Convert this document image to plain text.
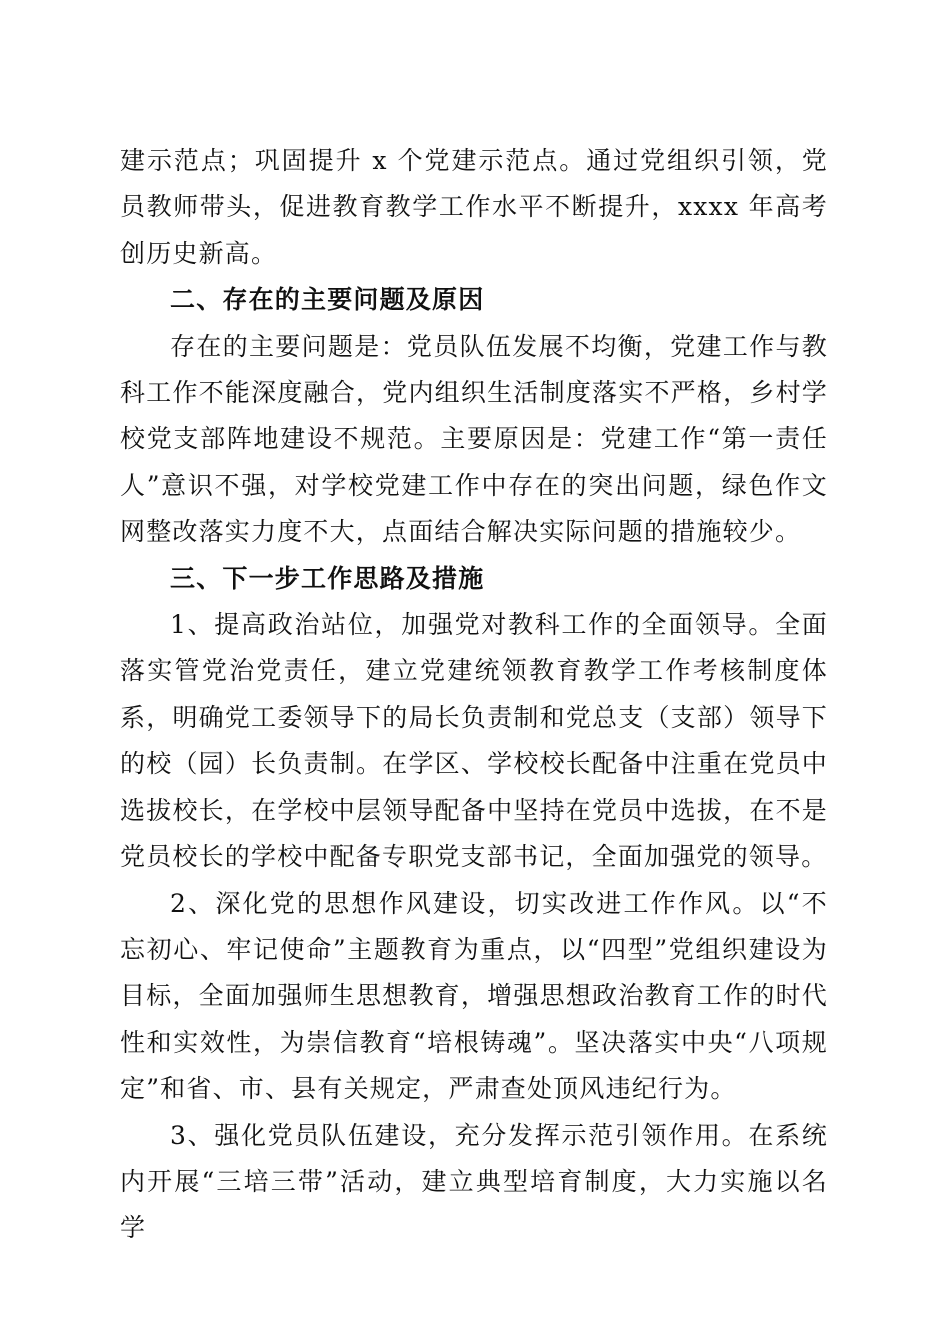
建示范点；巩固提升 x 个党建示范点。通过党组织引领，党员教师带头，促进教育教学工作水平不断提升，xxxx 年高考创历史新高。

二、存在的主要问题及原因

存在的主要问题是：党员队伍发展不均衡，党建工作与教科工作不能深度融合，党内组织生活制度落实不严格，乡村学校党支部阵地建设不规范。主要原因是：党建工作“第一责任人”意识不强，对学校党建工作中存在的突出问题，绿色作文网整改落实力度不大，点面结合解决实际问题的措施较少。

三、下一步工作思路及措施

1、提高政治站位，加强党对教科工作的全面领导。全面落实管党治党责任，建立党建统领教育教学工作考核制度体系，明确党工委领导下的局长负责制和党总支（支部）领导下的校（园）长负责制。在学区、学校校长配备中注重在党员中选拔校长，在学校中层领导配备中坚持在党员中选拔，在不是党员校长的学校中配备专职党支部书记，全面加强党的领导。

2、深化党的思想作风建设，切实改进工作作风。以“不忘初心、牢记使命”主题教育为重点，以“四型”党组织建设为目标，全面加强师生思想教育，增强思想政治教育工作的时代性和实效性，为崇信教育“培根铸魂”。坚决落实中央“八项规定”和省、市、县有关规定，严肃查处顶风违纪行为。

3、强化党员队伍建设，充分发挥示范引领作用。在系统内开展“三培三带”活动，建立典型培育制度，大力实施以名学
